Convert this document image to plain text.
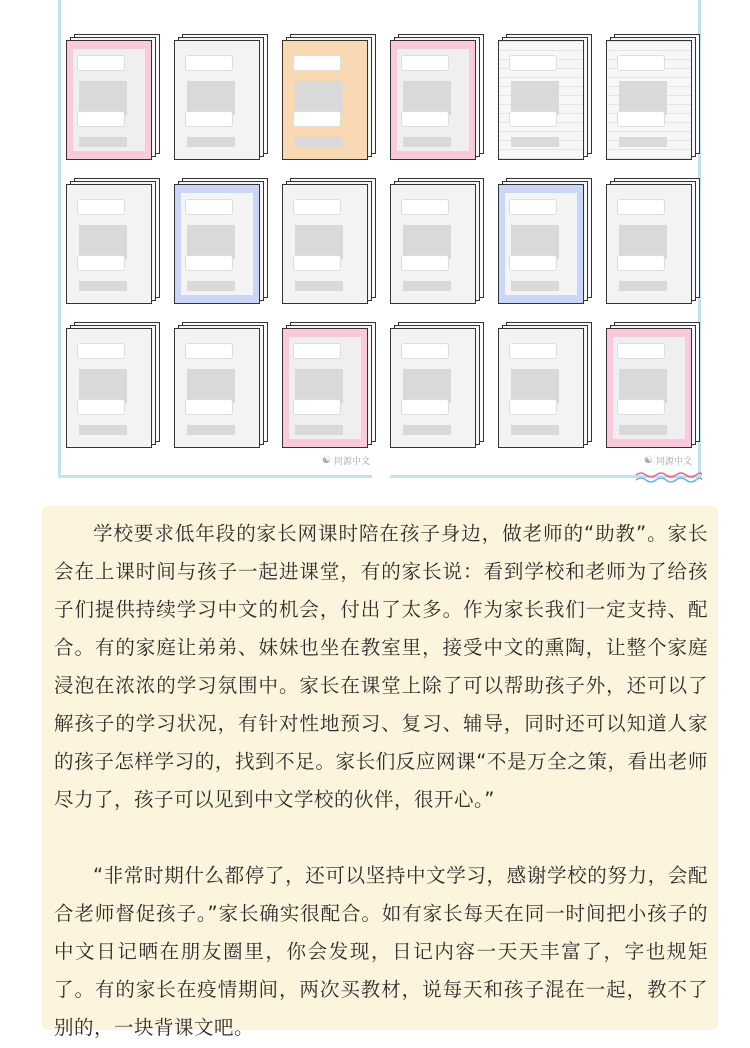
☯ 同源中文	☯ 同源中文

学校要求低年段的家长网课时陪在孩子身边，做老师的“助教”。家长会在上课时间与孩子一起进课堂，有的家长说：看到学校和老师为了给孩子们提供持续学习中文的机会，付出了太多。作为家长我们一定支持、配合。有的家庭让弟弟、妹妹也坐在教室里，接受中文的熏陶，让整个家庭浸泡在浓浓的学习氛围中。家长在课堂上除了可以帮助孩子外，还可以了解孩子的学习状况，有针对性地预习、复习、辅导，同时还可以知道人家的孩子怎样学习的，找到不足。家长们反应网课“不是万全之策，看出老师尽力了，孩子可以见到中文学校的伙伴，很开心。”

“非常时期什么都停了，还可以坚持中文学习，感谢学校的努力，会配合老师督促孩子。”家长确实很配合。如有家长每天在同一时间把小孩子的中文日记晒在朋友圈里，你会发现，日记内容一天天丰富了，字也规矩了。有的家长在疫情期间，两次买教材，说每天和孩子混在一起，教不了别的，一块背课文吧。
